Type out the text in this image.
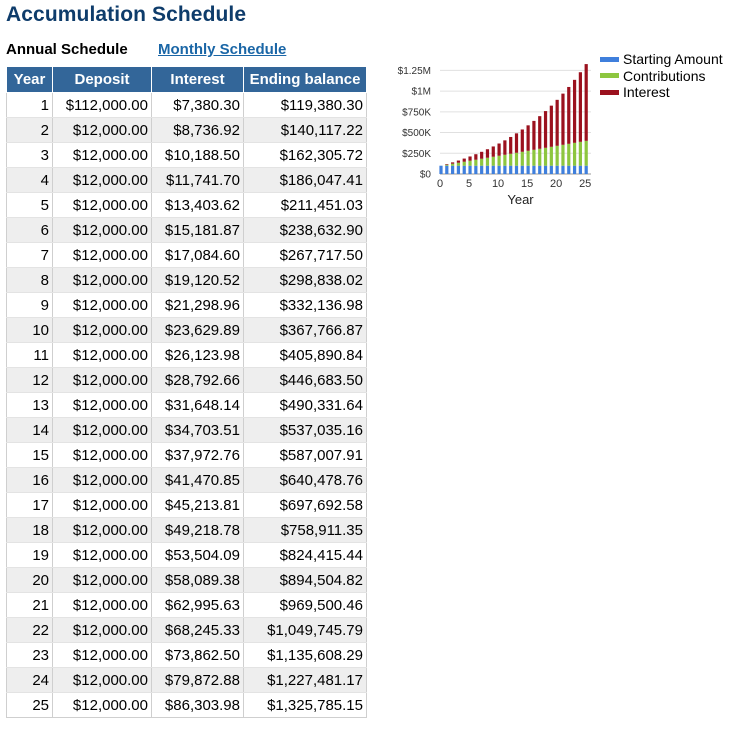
Accumulation Schedule
Annual Schedule Monthly Schedule
Year	Deposit	Interest	Ending balance
1	$112,000.00	$7,380.30	$119,380.30
2	$12,000.00	$8,736.92	$140,117.22
3	$12,000.00	$10,188.50	$162,305.72
4	$12,000.00	$11,741.70	$186,047.41
5	$12,000.00	$13,403.62	$211,451.03
6	$12,000.00	$15,181.87	$238,632.90
7	$12,000.00	$17,084.60	$267,717.50
8	$12,000.00	$19,120.52	$298,838.02
9	$12,000.00	$21,298.96	$332,136.98
10	$12,000.00	$23,629.89	$367,766.87
11	$12,000.00	$26,123.98	$405,890.84
12	$12,000.00	$28,792.66	$446,683.50
13	$12,000.00	$31,648.14	$490,331.64
14	$12,000.00	$34,703.51	$537,035.16
15	$12,000.00	$37,972.76	$587,007.91
16	$12,000.00	$41,470.85	$640,478.76
17	$12,000.00	$45,213.81	$697,692.58
18	$12,000.00	$49,218.78	$758,911.35
19	$12,000.00	$53,504.09	$824,415.44
20	$12,000.00	$58,089.38	$894,504.82
21	$12,000.00	$62,995.63	$969,500.46
22	$12,000.00	$68,245.33	$1,049,745.79
23	$12,000.00	$73,862.50	$1,135,608.29
24	$12,000.00	$79,872.88	$1,227,481.17
25	$12,000.00	$86,303.98	$1,325,785.15
$0
$250K
$500K
$750K
$1M
$1.25M
0 5 10 15 20 25
Year
Starting Amount
Contributions
Interest
